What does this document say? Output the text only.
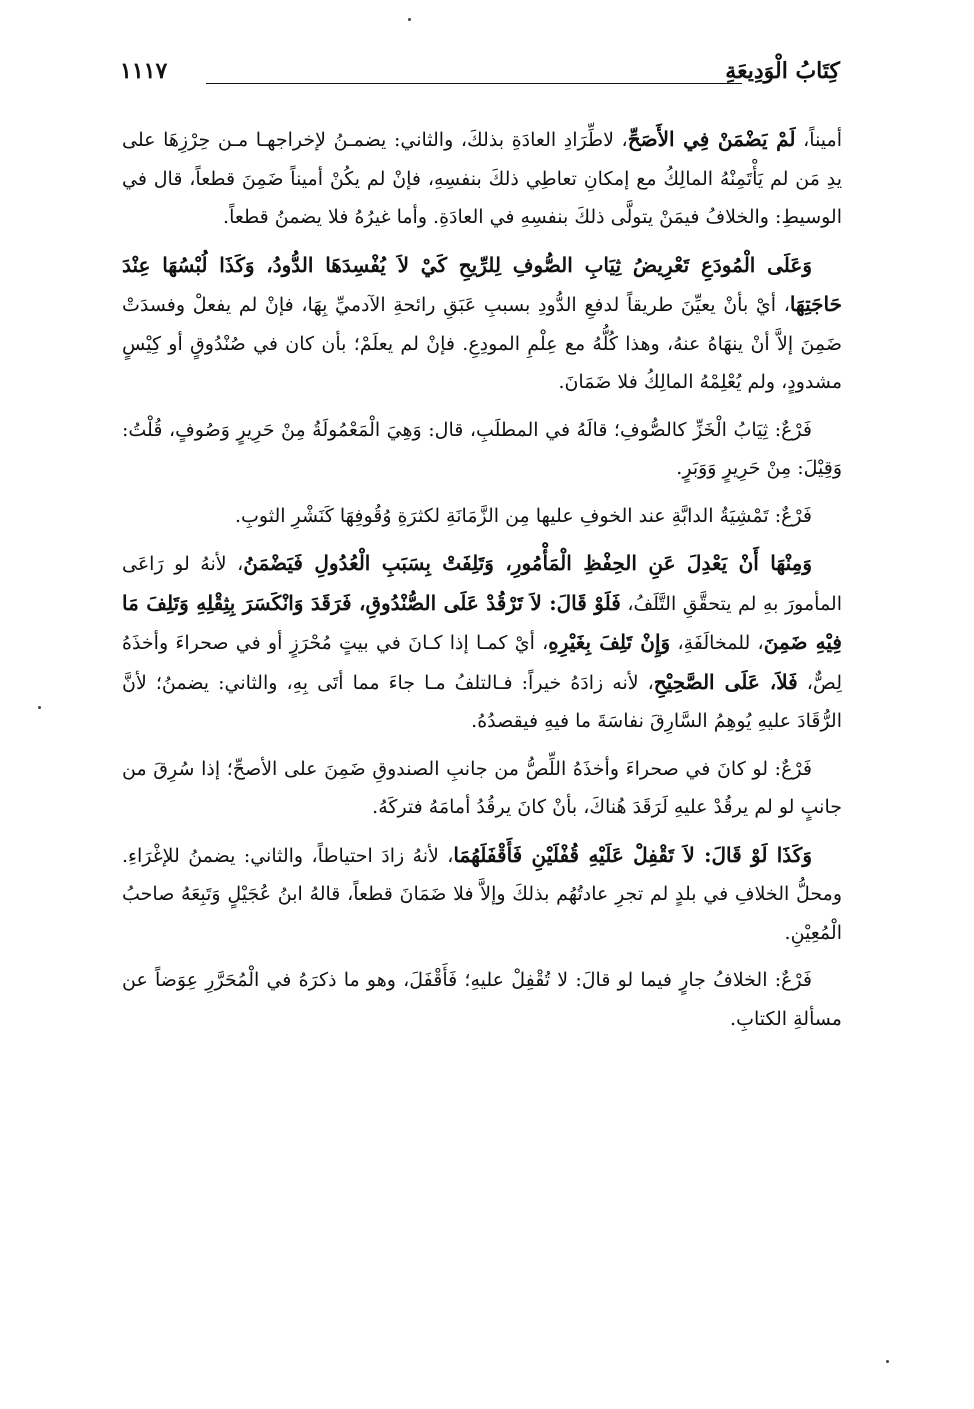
كِتَابُ الْوَدِيعَةِ
١١١٧

أميناً، لَمْ يَضْمَنْ فِي الأَصَحِّ، لاطِّرَادِ العادَةِ بذلكَ، والثاني: يضمـنُ لإخراجهـا مـن حِرْزِهَا على يدِ مَن لم يَأْتَمِنْهُ المالِكُ مع إمكانِ تعاطِي ذلكَ بنفسِهِ، فإنْ لم يكُنْ أميناً ضَمِنَ قطعاً، قال في الوسيطِ: والخلافُ فيمَنْ يتولَّى ذلكَ بنفسِهِ في العادَةِ. وأما غيرُهُ فلا يضمنُ قطعاً.

وَعَلَى الْمُودَعِ تَعْرِيضُ ثِيَابِ الصُّوفِ لِلرِّيحِ كَيْ لاَ يُفْسِدَهَا الدُّودُ، وَكَذَا لُبْسُهَا عِنْدَ حَاجَتِهَا، أيْ بأنْ يعيِّنَ طريقاً لدفعِ الدُّودِ بسببِ عَبَقِ رائحةِ الآدميِّ بِهَا، فإنْ لم يفعلْ وفسدَتْ ضَمِنَ إلاَّ أنْ ينهَاهُ عنهُ، وهذا كُلُّهُ مع عِلْمِ المودِعِ. فإنْ لم يعلَمْ؛ بأن كان في صُنْدُوقٍ أو كِيْسٍ مشدودٍ، ولم يُعْلِمْهُ المالِكُ فلا ضَمَانَ.

فَرْعٌ: ثِيَابُ الْخَزِّ كالصُّوفِ؛ قالَهُ في المطلَبِ، قال: وَهِيَ الْمَعْمُولَةُ مِنْ حَرِيرٍ وَصُوفٍ، قُلْتُ: وَقِيْلَ: مِنْ حَرِيرٍ وَوَبَرٍ.

فَرْعٌ: تَمْشِيَةُ الدابَّةِ عند الخوفِ عليها مِن الزَّمَانَةِ لكثرَةِ وُقُوفِهَا كَنَشْرِ الثوبِ.

وَمِنْهَا أَنْ يَعْدِلَ عَنِ الحِفْظِ الْمَأْمُورِ، وَتَلِفَتْ بِسَبَبِ الْعُدُولِ فَيَضْمَنُ، لأنهُ لو رَاعَى المأمورَ بهِ لم يتحقَّقِ التَّلَفُ، فَلَوْ قَالَ: لاَ تَرْقُدْ عَلَى الصُّنْدُوقِ، فَرَقَدَ وَانْكَسَرَ بِثِقْلِهِ وَتَلِفَ مَا فِيْهِ ضَمِنَ، للمخالَفَةِ، وَإِنْ تَلِفَ بِغَيْرِهِ، أيْ كمـا إذا كـانَ في بيتٍ مُحْرَزٍ أو في صحراءَ وأخذَهُ لِصٌّ، فَلاَ، عَلَى الصَّحِيْحِ، لأنه زادَهُ خيراً: فـالتلفُ مـا جاءَ مما أتَى بِهِ، والثاني: يضمنُ؛ لأنَّ الرُّقَادَ عليهِ يُوهِمُ السَّارِقَ نفاسَةَ ما فيهِ فيقصدُهُ.

فَرْعٌ: لو كانَ في صحراءَ وأخذَهُ اللِّصُّ من جانبِ الصندوقِ ضَمِنَ على الأصحِّ؛ إذا سُرِقَ من جانبٍ لو لم يرقُدْ عليهِ لَرَقَدَ هُناكَ، بأنْ كانَ يرقُدُ أمامَهُ فتركَهُ.

وَكَذَا لَوْ قَالَ: لاَ تَقْفِلْ عَلَيْهِ قُفْلَيْنِ فَأَقْفَلَهُمَا، لأنهُ زادَ احتياطاً، والثاني: يضمنُ للإغْرَاءِ. ومحلُّ الخلافِ في بلدٍ لم تجرِ عادتُهُم بذلكَ وإلاَّ فلا ضَمَانَ قطعاً، قالهُ ابنُ عُجَيْلٍ وَتَبِعَهُ صاحبُ الْمُعِيْنِ.

فَرْعٌ: الخلافُ جارٍ فيما لو قالَ: لا تُقْفِلْ عليهِ؛ فَأَقْفَلَ، وهو ما ذكرَهُ في الْمُحَرَّرِ عِوَضاً عن مسألةِ الكتابِ.
